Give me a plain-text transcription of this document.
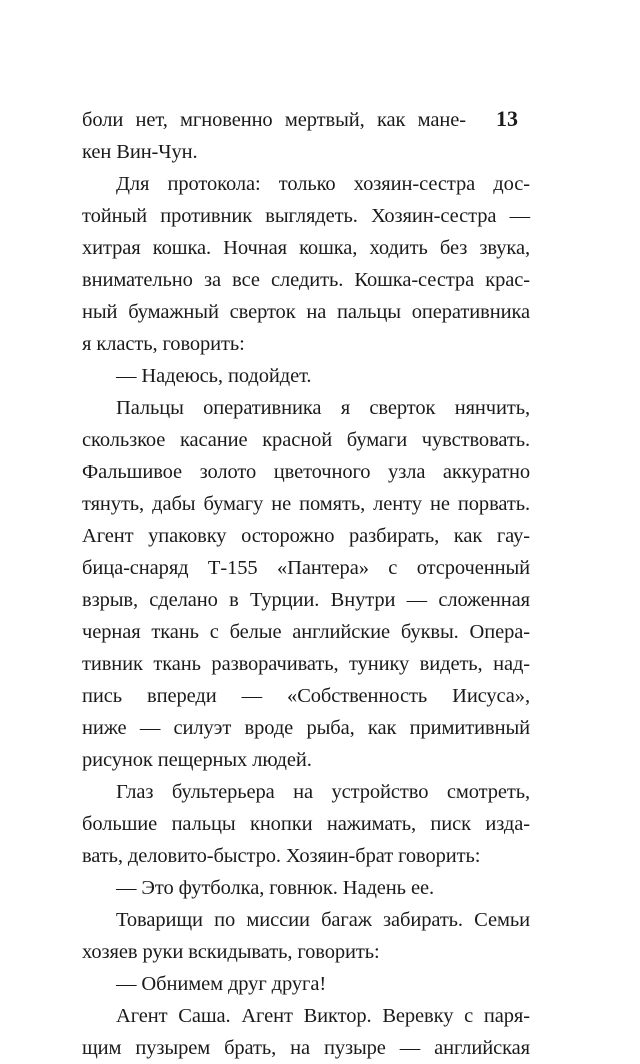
13
боли нет, мгновенно мертвый, как мане-
кен Вин-Чун.
Для протокола: только хозяин-сестра дос-
тойный противник выглядеть. Хозяин-сестра —
хитрая кошка. Ночная кошка, ходить без звука,
внимательно за все следить. Кошка-сестра крас-
ный бумажный сверток на пальцы оперативника
я класть, говорить:
— Надеюсь, подойдет.
Пальцы оперативника я сверток нянчить,
скользкое касание красной бумаги чувствовать.
Фальшивое золото цветочного узла аккуратно
тянуть, дабы бумагу не помять, ленту не порвать.
Агент упаковку осторожно разбирать, как гау-
бица-снаряд Т-155 «Пантера» с отсроченный
взрыв, сделано в Турции. Внутри — сложенная
черная ткань с белые английские буквы. Опера-
тивник ткань разворачивать, тунику видеть, над-
пись впереди — «Собственность Иисуса»,
ниже — силуэт вроде рыба, как примитивный
рисунок пещерных людей.
Глаз бультерьера на устройство смотреть,
большие пальцы кнопки нажимать, писк изда-
вать, деловито-быстро. Хозяин-брат говорить:
— Это футболка, говнюк. Надень ее.
Товарищи по миссии багаж забирать. Семьи
хозяев руки вскидывать, говорить:
— Обнимем друг друга!
Агент Саша. Агент Виктор. Веревку с паря-
щим пузырем брать, на пузыре — английская
